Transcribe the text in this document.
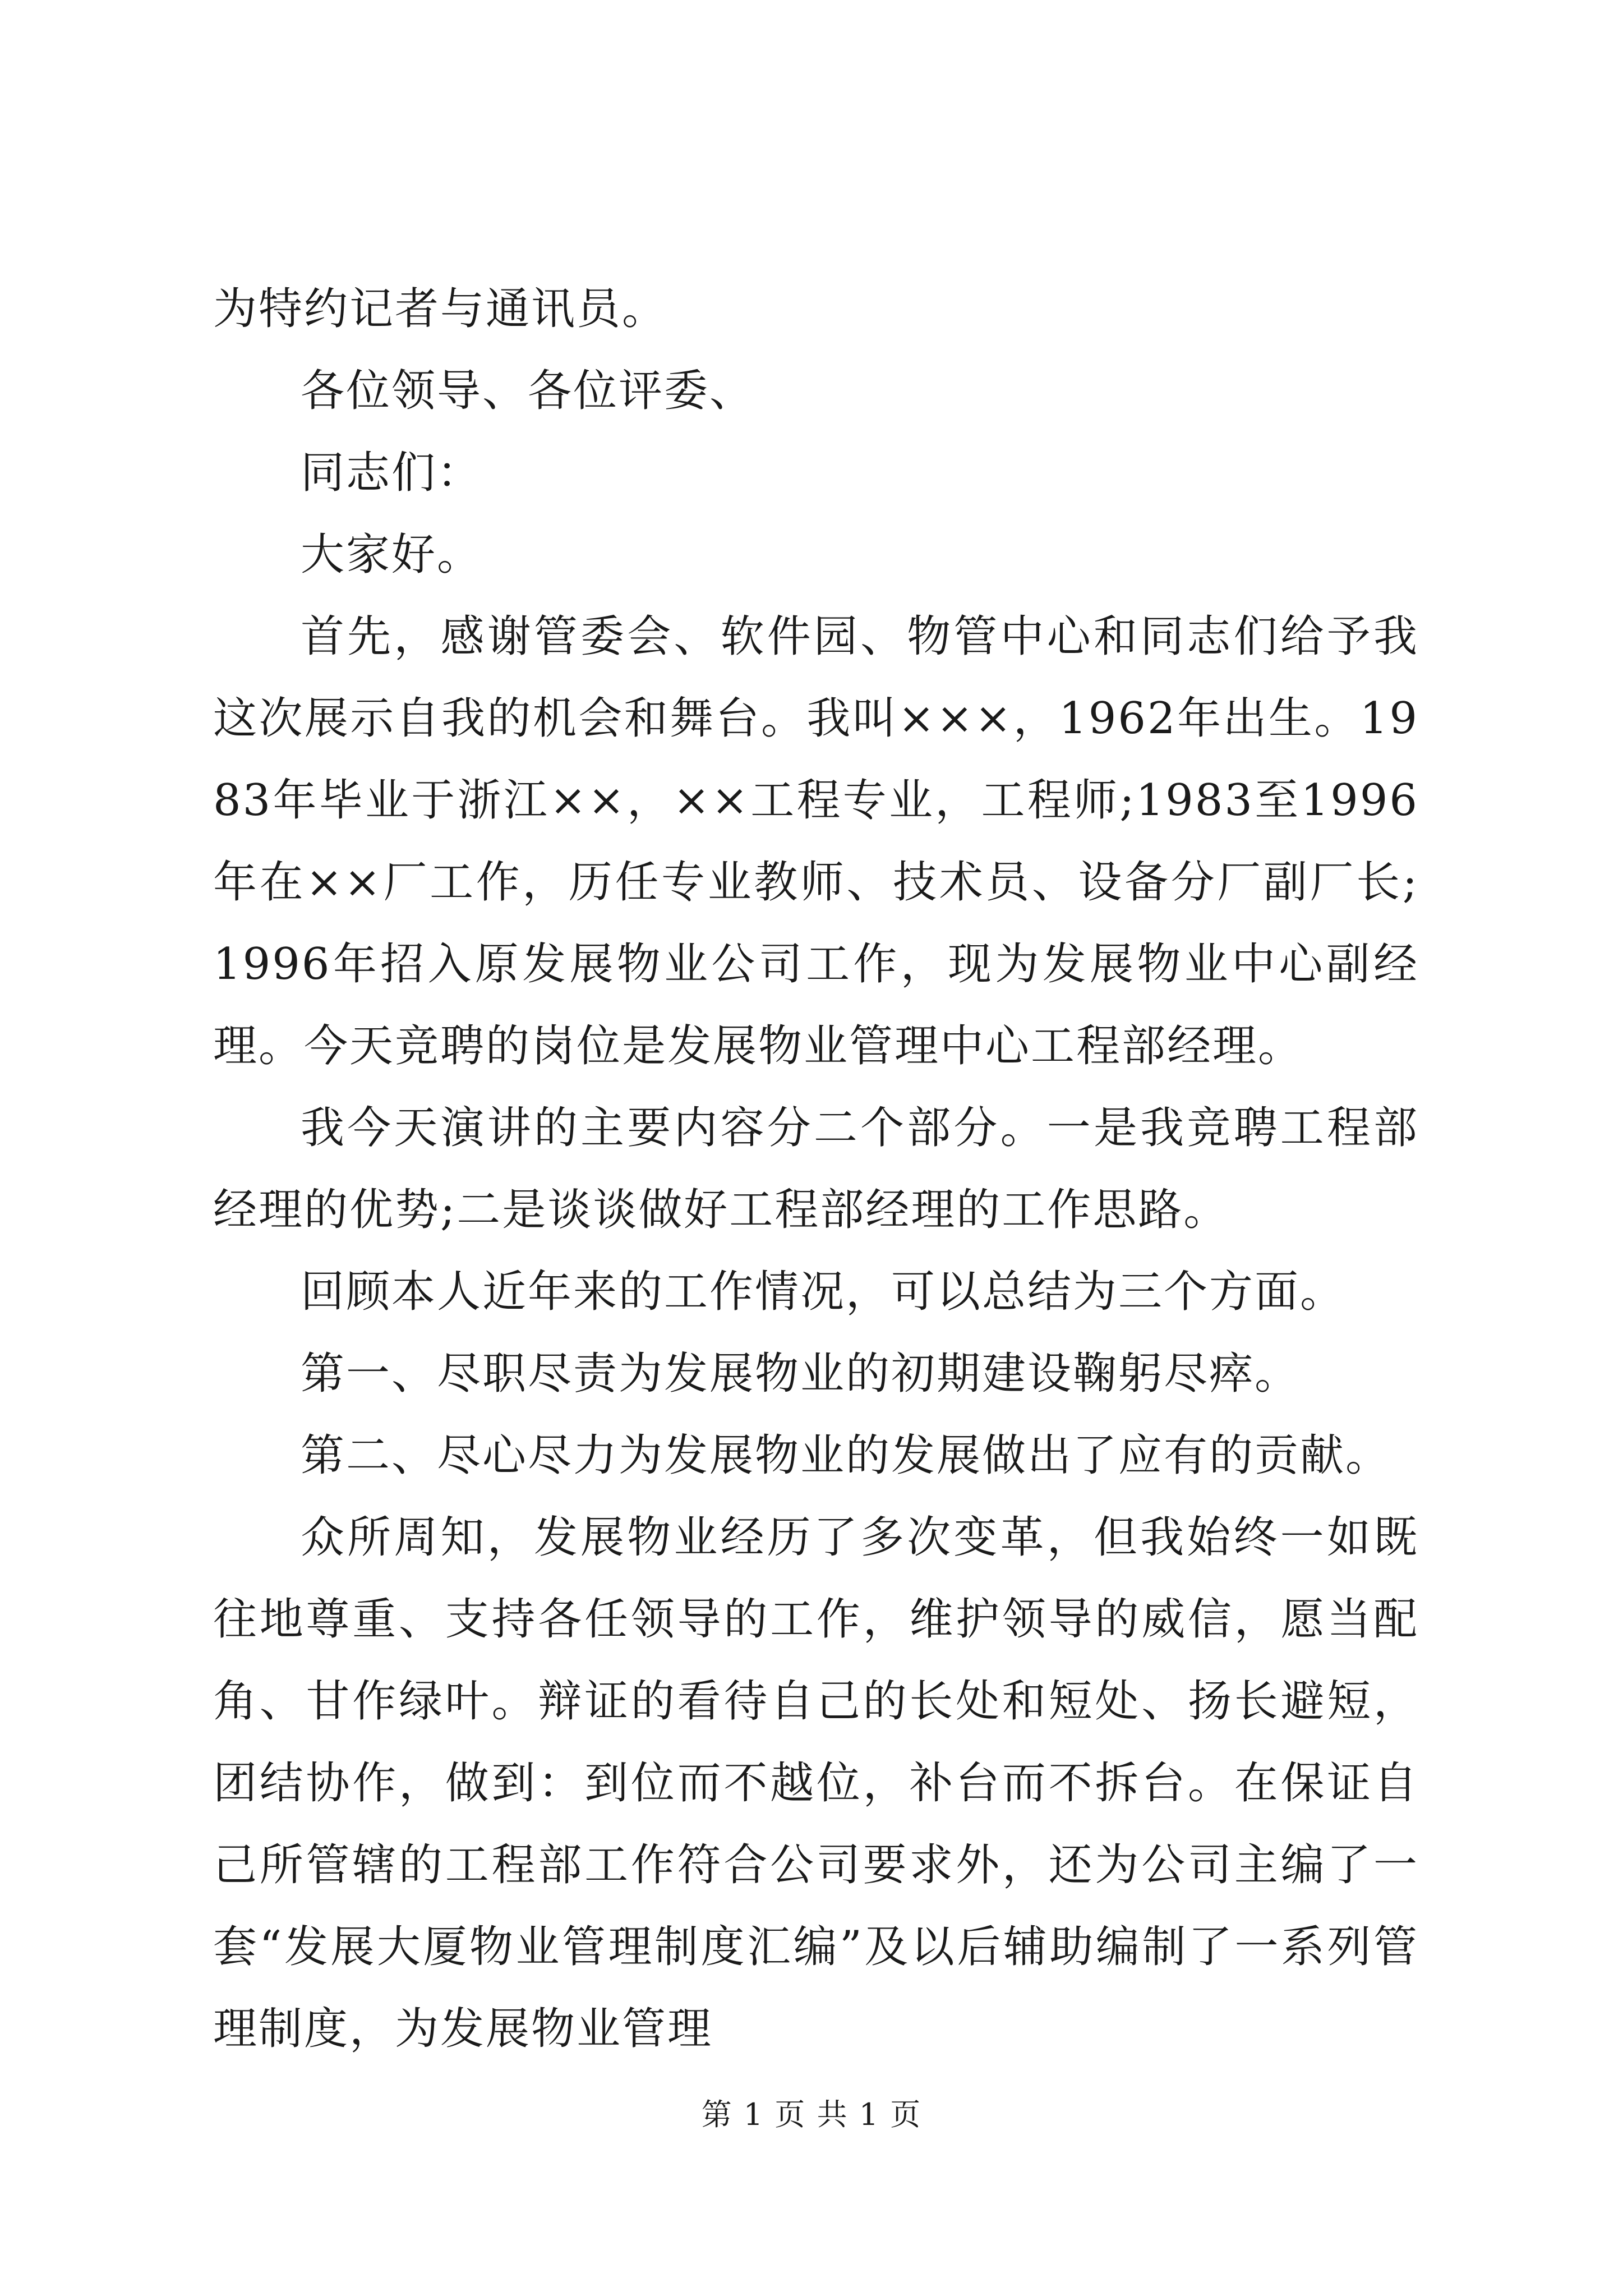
为特约记者与通讯员。

各位领导、各位评委、

同志们：

大家好。

首先，感谢管委会、软件园、物管中心和同志们给予我这次展示自我的机会和舞台。我叫×××，1962年出生。1983年毕业于浙江××，××工程专业，工程师;1983至1996年在××厂工作，历任专业教师、技术员、设备分厂副厂长;1996年招入原发展物业公司工作，现为发展物业中心副经理。今天竞聘的岗位是发展物业管理中心工程部经理。

我今天演讲的主要内容分二个部分。一是我竞聘工程部经理的优势;二是谈谈做好工程部经理的工作思路。

回顾本人近年来的工作情况，可以总结为三个方面。

第一、尽职尽责为发展物业的初期建设鞠躬尽瘁。

第二、尽心尽力为发展物业的发展做出了应有的贡献。

众所周知，发展物业经历了多次变革，但我始终一如既往地尊重、支持各任领导的工作，维护领导的威信，愿当配角、甘作绿叶。辩证的看待自己的长处和短处、扬长避短，团结协作，做到：到位而不越位，补台而不拆台。在保证自己所管辖的工程部工作符合公司要求外，还为公司主编了一套“发展大厦物业管理制度汇编”及以后辅助编制了一系列管理制度，为发展物业管理

第 1 页 共 1 页
